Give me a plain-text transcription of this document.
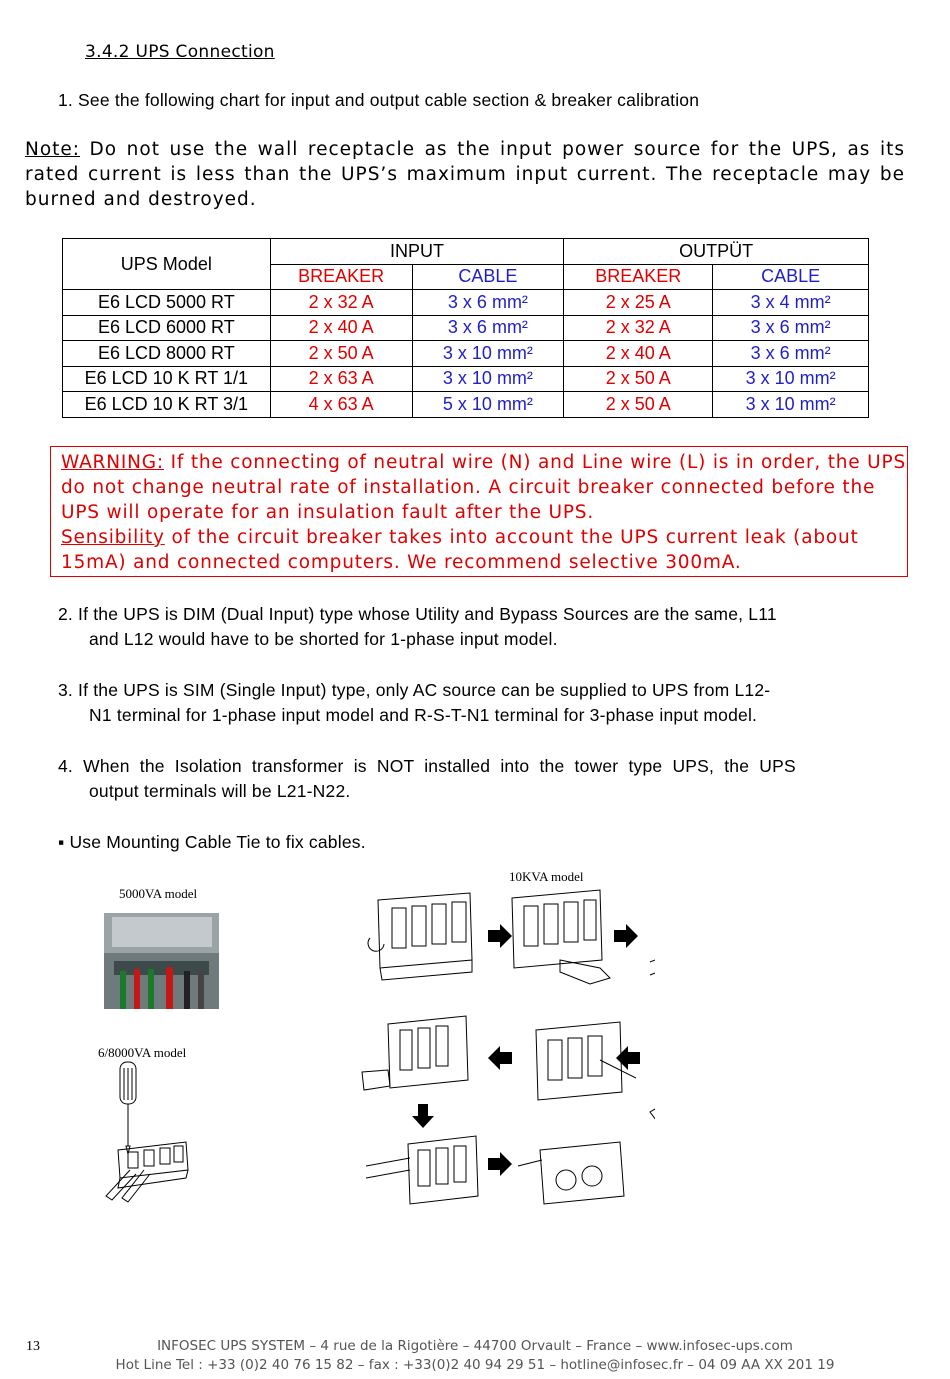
3.4.2 UPS Connection
1. See the following chart for input and output cable section & breaker calibration
Note: Do not use the wall receptacle as the input power source for the UPS, as its rated current is less than the UPS’s maximum input current. The receptacle may be burned and destroyed.
UPS Model	INPUT		OUTPÜT	
	BREAKER	CABLE	BREAKER	CABLE
E6 LCD 5000 RT	2 x 32 A	3 x 6 mm²	2 x 25 A	3 x 4 mm²
E6 LCD 6000 RT	2 x 40 A	3 x 6 mm²	2 x 32 A	3 x 6 mm²
E6 LCD 8000 RT	2 x 50 A	3 x 10 mm²	2 x 40 A	3 x 6 mm²
E6 LCD 10 K RT 1/1	2 x 63 A	3 x 10 mm²	2 x 50 A	3 x 10 mm²
E6 LCD 10 K RT 3/1	4 x 63 A	5 x 10 mm²	2 x 50 A	3 x 10 mm²
WARNING: If the connecting of neutral wire (N) and Line wire (L) is in order, the UPS do not change neutral rate of installation. A circuit breaker connected before the UPS will operate for an insulation fault after the UPS.
Sensibility of the circuit breaker takes into account the UPS current leak (about 15mA) and connected computers. We recommend selective 300mA.
2. If the UPS is DIM (Dual Input) type whose Utility and Bypass Sources are the same, L11
and L12 would have to be shorted for 1-phase input model.
3. If the UPS is SIM (Single Input) type, only AC source can be supplied to UPS from L12-
N1 terminal for 1-phase input model and R-S-T-N1 terminal for 3-phase input model.
4.  When  the  Isolation  transformer  is  NOT  installed  into  the  tower  type  UPS,  the  UPS
output terminals will be L21-N22.
▪ Use Mounting Cable Tie to fix cables.
5000VA model
10KVA model
6/8000VA model
13	INFOSEC UPS SYSTEM – 4 rue de la Rigotière – 44700 Orvault – France – www.infosec-ups.com
Hot Line Tel : +33 (0)2 40 76 15 82 – fax : +33(0)2 40 94 29 51 – hotline@infosec.fr – 04 09 AA XX 201 19
